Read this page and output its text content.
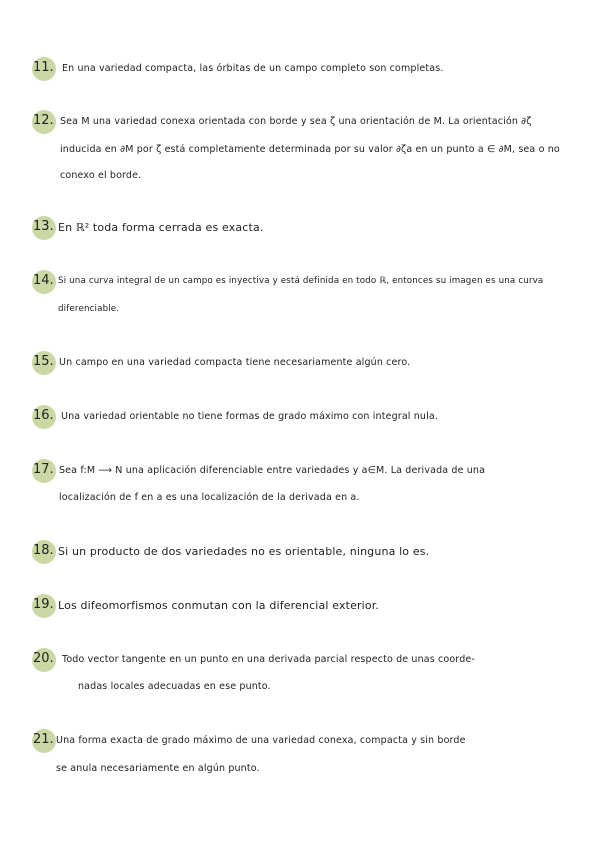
11. En una variedad compacta, las órbitas de un campo completo son completas.
12. Sea M una variedad conexa orientada con borde y sea ζ una orientación de M. La orientación ∂ζ
inducida en ∂M por ζ está completamente determinada por su valor ∂ζa en un punto a ∈ ∂M, sea o no
conexo el borde.
13. En ℝ² toda forma cerrada es exacta.
14. Si una curva integral de un campo es inyectiva y está definida en todo ℝ, entonces su imagen es una curva
diferenciable.
15. Un campo en una variedad compacta tiene necesariamente algún cero.
16. Una variedad orientable no tiene formas de grado máximo con integral nula.
17. Sea f:M ⟶ N una aplicación diferenciable entre variedades y a∈M. La derivada de una
localización de f en a es una localización de la derivada en a.
18. Si un producto de dos variedades no es orientable, ninguna lo es.
19. Los difeomorfismos conmutan con la diferencial exterior.
20. Todo vector tangente en un punto en una derivada parcial respecto de unas coorde-
nadas locales adecuadas en ese punto.
21. Una forma exacta de grado máximo de una variedad conexa, compacta y sin borde
se anula necesariamente en algún punto.
